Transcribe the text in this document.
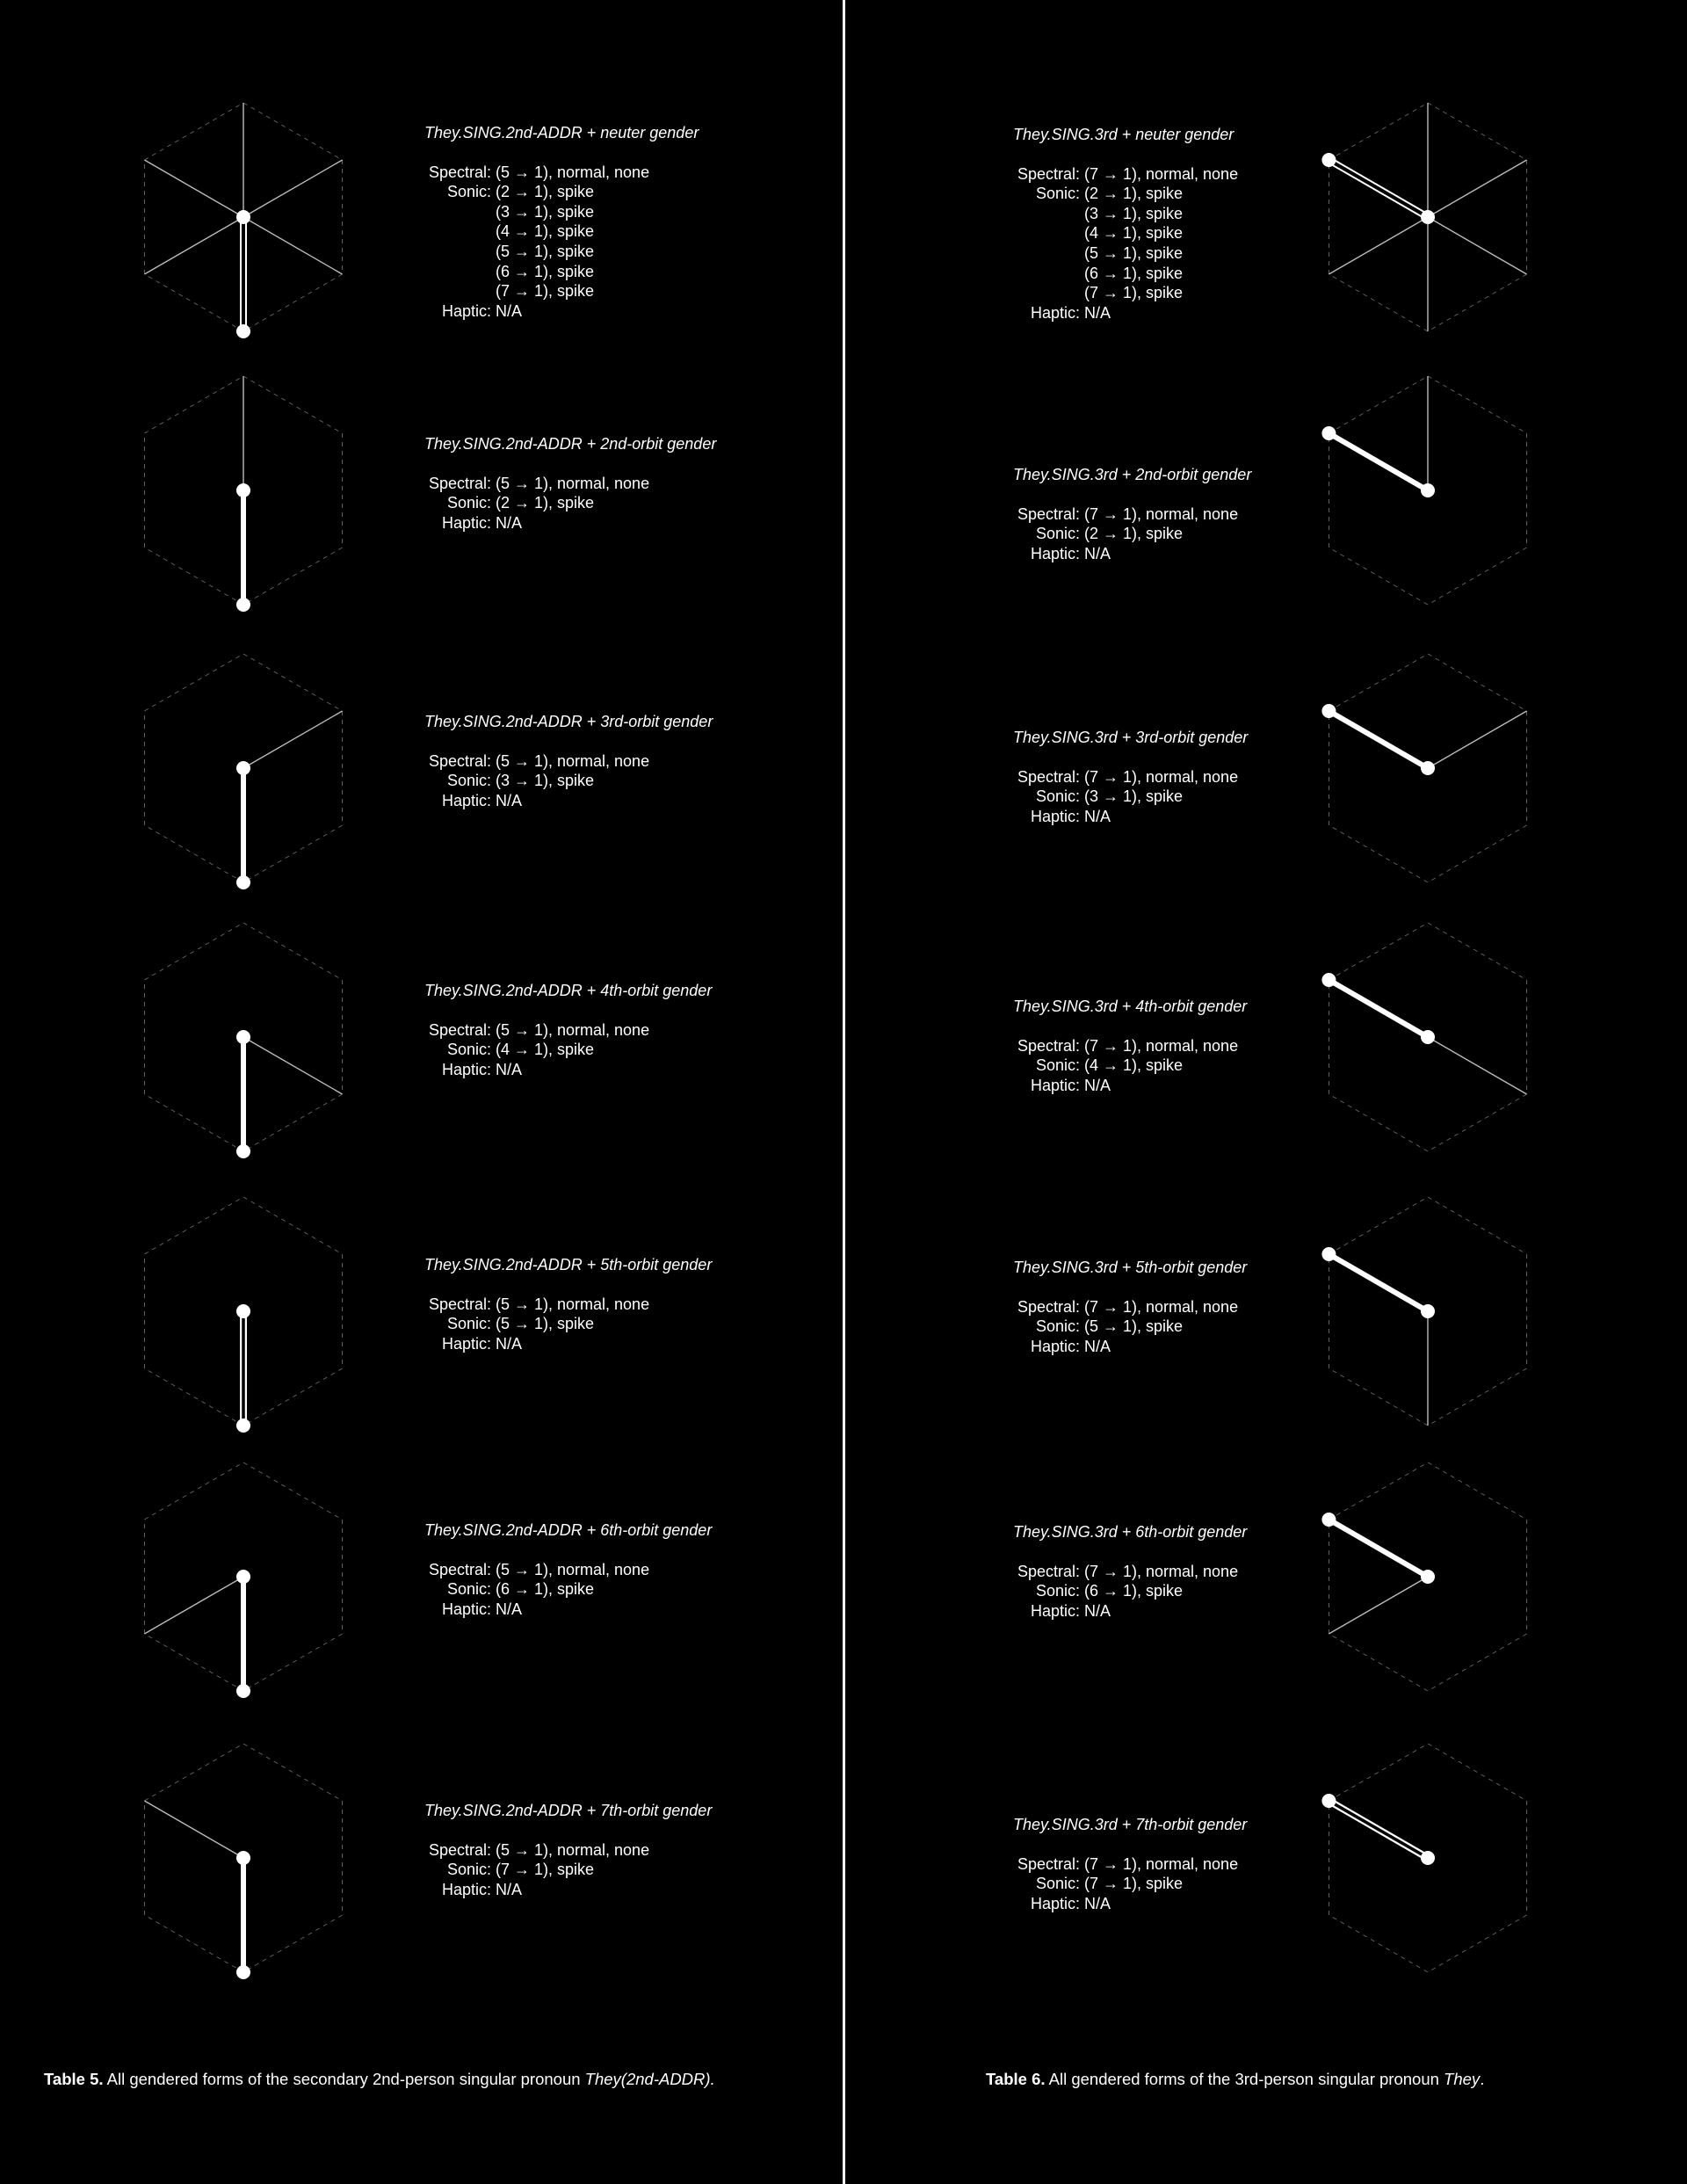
They.SING.2nd-ADDR + neuter gender
Spectral: (5 → 1), normal, none
Sonic: (2 → 1), spike
(3 → 1), spike
(4 → 1), spike
(5 → 1), spike
(6 → 1), spike
(7 → 1), spike
Haptic: N/A
They.SING.2nd-ADDR + 2nd-orbit gender
Spectral: (5 → 1), normal, none
Sonic: (2 → 1), spike
Haptic: N/A
They.SING.2nd-ADDR + 3rd-orbit gender
Spectral: (5 → 1), normal, none
Sonic: (3 → 1), spike
Haptic: N/A
They.SING.2nd-ADDR + 4th-orbit gender
Spectral: (5 → 1), normal, none
Sonic: (4 → 1), spike
Haptic: N/A
They.SING.2nd-ADDR + 5th-orbit gender
Spectral: (5 → 1), normal, none
Sonic: (5 → 1), spike
Haptic: N/A
They.SING.2nd-ADDR + 6th-orbit gender
Spectral: (5 → 1), normal, none
Sonic: (6 → 1), spike
Haptic: N/A
They.SING.2nd-ADDR + 7th-orbit gender
Spectral: (5 → 1), normal, none
Sonic: (7 → 1), spike
Haptic: N/A
Table 5. All gendered forms of the secondary 2nd-person singular pronoun They(2nd-ADDR).
They.SING.3rd + neuter gender
Spectral: (7 → 1), normal, none
Sonic: (2 → 1), spike
(3 → 1), spike
(4 → 1), spike
(5 → 1), spike
(6 → 1), spike
(7 → 1), spike
Haptic: N/A
They.SING.3rd + 2nd-orbit gender
Spectral: (7 → 1), normal, none
Sonic: (2 → 1), spike
Haptic: N/A
They.SING.3rd + 3rd-orbit gender
Spectral: (7 → 1), normal, none
Sonic: (3 → 1), spike
Haptic: N/A
They.SING.3rd + 4th-orbit gender
Spectral: (7 → 1), normal, none
Sonic: (4 → 1), spike
Haptic: N/A
They.SING.3rd + 5th-orbit gender
Spectral: (7 → 1), normal, none
Sonic: (5 → 1), spike
Haptic: N/A
They.SING.3rd + 6th-orbit gender
Spectral: (7 → 1), normal, none
Sonic: (6 → 1), spike
Haptic: N/A
They.SING.3rd + 7th-orbit gender
Spectral: (7 → 1), normal, none
Sonic: (7 → 1), spike
Haptic: N/A
Table 6. All gendered forms of the 3rd-person singular pronoun They.
